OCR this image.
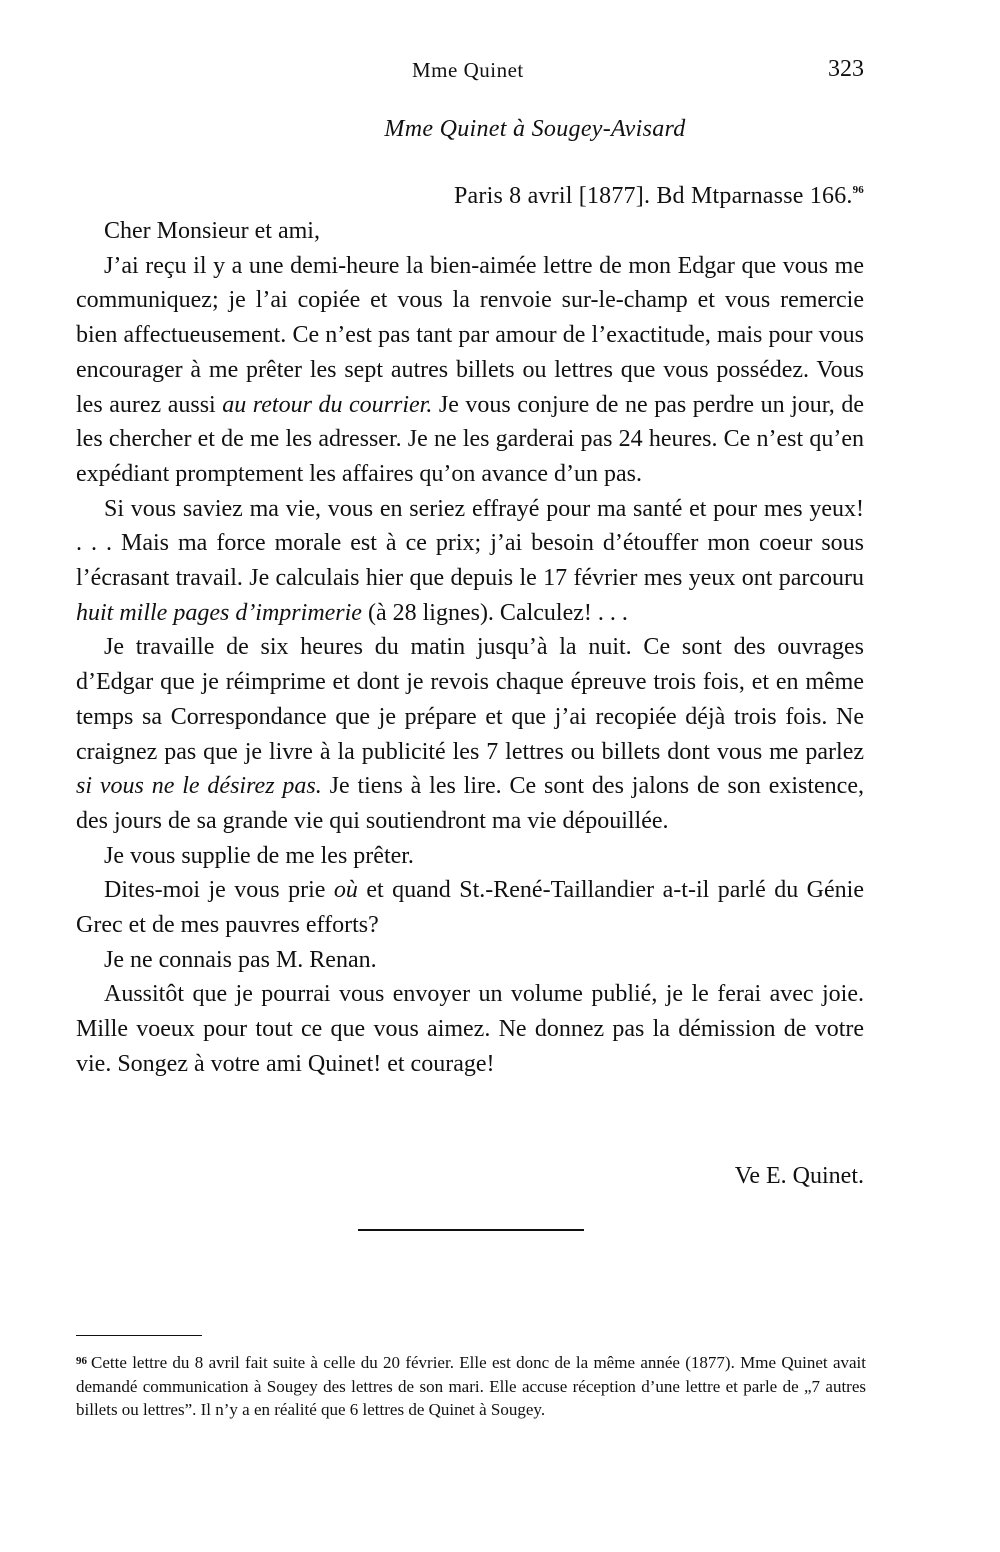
Mme Quinet	323
Mme Quinet à Sougey-Avisard
Paris 8 avril [1877]. Bd Mtparnasse 166.96

Cher Monsieur et ami,

J’ai reçu il y a une demi-heure la bien-aimée lettre de mon Edgar que vous me communiquez; je l’ai copiée et vous la renvoie sur-le-champ et vous remercie bien affectueusement. Ce n’est pas tant par amour de l’exactitude, mais pour vous encourager à me prêter les sept autres billets ou lettres que vous possédez. Vous les aurez aussi au retour du courrier. Je vous conjure de ne pas perdre un jour, de les chercher et de me les adresser. Je ne les garderai pas 24 heures. Ce n’est qu’en expédiant promptement les affaires qu’on avance d’un pas.

Si vous saviez ma vie, vous en seriez effrayé pour ma santé et pour mes yeux! . . . Mais ma force morale est à ce prix; j’ai besoin d’étouffer mon coeur sous l’écrasant travail. Je calculais hier que depuis le 17 février mes yeux ont parcouru huit mille pages d’imprimerie (à 28 lignes). Calculez! . . .

Je travaille de six heures du matin jusqu’à la nuit. Ce sont des ouvrages d’Edgar que je réimprime et dont je revois chaque épreuve trois fois, et en même temps sa Correspondance que je prépare et que j’ai recopiée déjà trois fois. Ne craignez pas que je livre à la publicité les 7 lettres ou billets dont vous me parlez si vous ne le désirez pas. Je tiens à les lire. Ce sont des jalons de son existence, des jours de sa grande vie qui soutiendront ma vie dépouillée.

Je vous supplie de me les prêter.

Dites-moi je vous prie où et quand St.-René-Taillandier a-t-il parlé du Génie Grec et de mes pauvres efforts?

Je ne connais pas M. Renan.

Aussitôt que je pourrai vous envoyer un volume publié, je le ferai avec joie. Mille voeux pour tout ce que vous aimez. Ne donnez pas la démission de votre vie. Songez à votre ami Quinet! et courage!

Ve E. Quinet.
$^{96}$ Cette lettre du 8 avril fait suite à celle du 20 février. Elle est donc de la même année (1877). Mme Quinet avait demandé communication à Sougey des lettres de son mari. Elle accuse réception d’une lettre et parle de „7 autres billets ou lettres”. Il n’y a en réalité que 6 lettres de Quinet à Sougey.
